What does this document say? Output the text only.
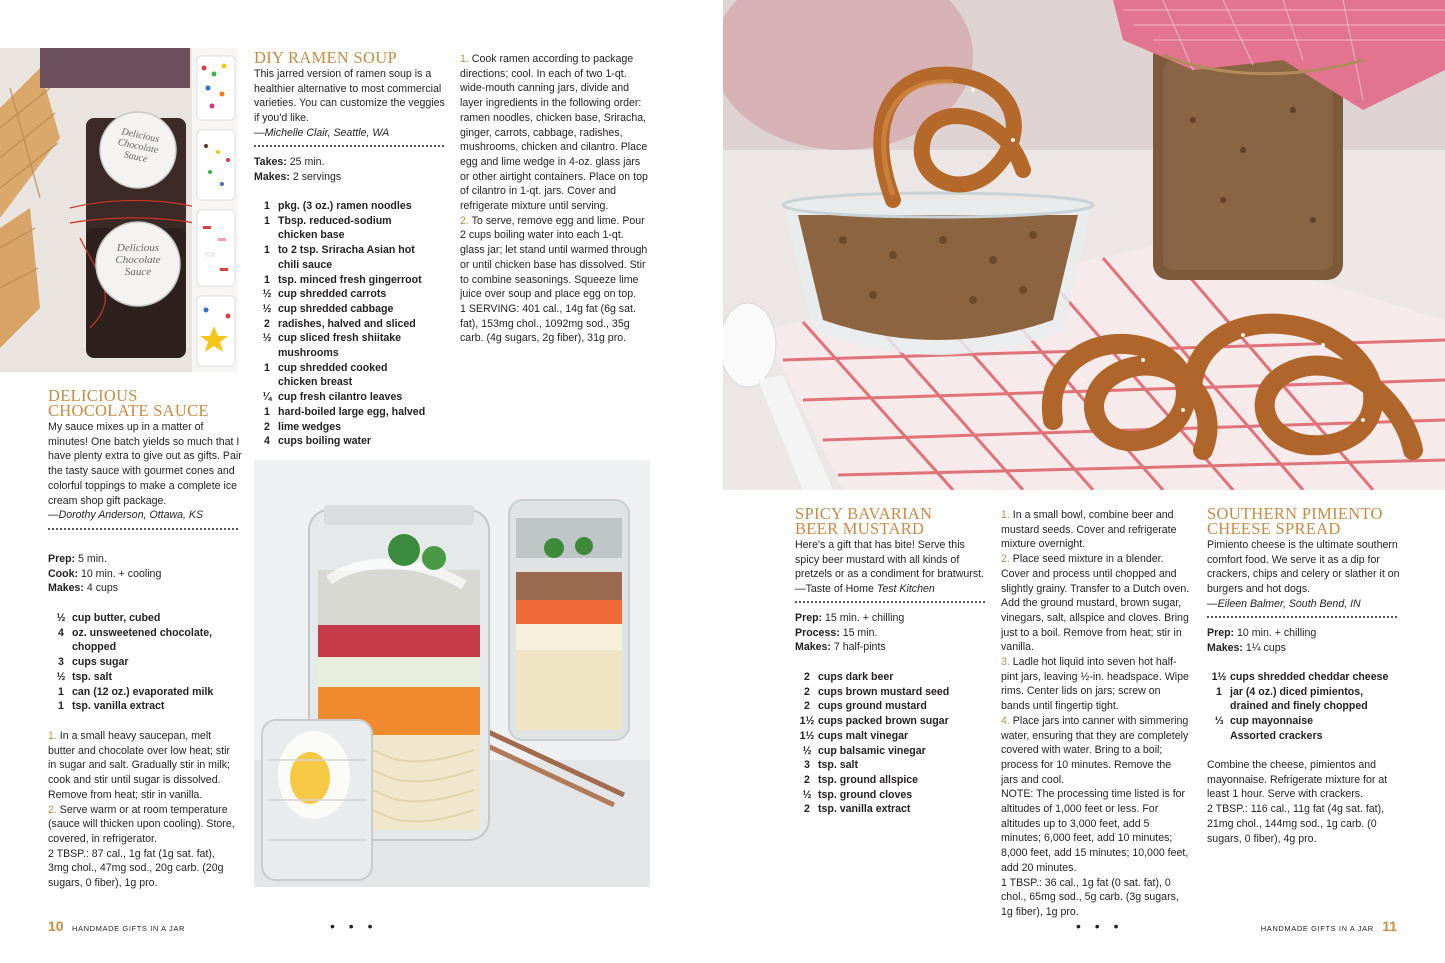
Delicious Chocolate Sauce
Delicious Chocolate Sauce
DELICIOUS
CHOCOLATE SAUCE
My sauce mixes up in a matter of minutes! One batch yields so much that I have plenty extra to give out as gifts. Pair the tasty sauce with gourmet cones and colorful toppings to make a complete ice cream shop gift package.
—Dorothy Anderson, Ottawa, KS
Prep: 5 min.
Cook: 10 min. + cooling
Makes: 4 cups
½ cup butter, cubed
4 oz. unsweetened chocolate, chopped
3 cups sugar
½ tsp. salt
1 can (12 oz.) evaporated milk
1 tsp. vanilla extract

1. In a small heavy saucepan, melt butter and chocolate over low heat; stir in sugar and salt. Gradually stir in milk; cook and stir until sugar is dissolved. Remove from heat; stir in vanilla.

2. Serve warm or at room temperature (sauce will thicken upon cooling). Store, covered, in refrigerator.

2 TBSP.: 87 cal., 1g fat (1g sat. fat), 3mg chol., 47mg sod., 20g carb. (20g sugars, 0 fiber), 1g pro.

DIY RAMEN SOUP
This jarred version of ramen soup is a healthier alternative to most commercial varieties. You can customize the veggies if you'd like.
—Michelle Clair, Seattle, WA
Takes: 25 min.
Makes: 2 servings
1 pkg. (3 oz.) ramen noodles
1 Tbsp. reduced-sodium chicken base
1 to 2 tsp. Sriracha Asian hot chili sauce
1 tsp. minced fresh gingerroot
½ cup shredded carrots
½ cup shredded cabbage
2 radishes, halved and sliced
½ cup sliced fresh shiitake mushrooms
1 cup shredded cooked chicken breast
¼ cup fresh cilantro leaves
1 hard-boiled large egg, halved
2 lime wedges
4 cups boiling water

1. Cook ramen according to package directions; cool. In each of two 1-qt. wide-mouth canning jars, divide and layer ingredients in the following order: ramen noodles, chicken base, Sriracha, ginger, carrots, cabbage, radishes, mushrooms, chicken and cilantro. Place egg and lime wedge in 4-oz. glass jars or other airtight containers. Place on top of cilantro in 1-qt. jars. Cover and refrigerate mixture until serving.

2. To serve, remove egg and lime. Pour 2 cups boiling water into each 1-qt. glass jar; let stand until warmed through or until chicken base has dissolved. Stir to combine seasonings. Squeeze lime juice over soup and place egg on top.

1 SERVING: 401 cal., 14g fat (6g sat. fat), 153mg chol., 1092mg sod., 35g carb. (4g sugars, 2g fiber), 31g pro.

SPICY BAVARIAN
BEER MUSTARD
Here's a gift that has bite! Serve this spicy beer mustard with all kinds of pretzels or as a condiment for bratwurst.
—Taste of Home Test Kitchen
Prep: 15 min. + chilling
Process: 15 min.
Makes: 7 half-pints
2 cups dark beer
2 cups brown mustard seed
2 cups ground mustard
1½ cups packed brown sugar
1½ cups malt vinegar
½ cup balsamic vinegar
3 tsp. salt
2 tsp. ground allspice
½ tsp. ground cloves
2 tsp. vanilla extract

1. In a small bowl, combine beer and mustard seeds. Cover and refrigerate mixture overnight.

2. Place seed mixture in a blender. Cover and process until chopped and slightly grainy. Transfer to a Dutch oven. Add the ground mustard, brown sugar, vinegars, salt, allspice and cloves. Bring just to a boil. Remove from heat; stir in vanilla.

3. Ladle hot liquid into seven hot half-pint jars, leaving ½-in. headspace. Wipe rims. Center lids on jars; screw on bands until fingertip tight.

4. Place jars into canner with simmering water, ensuring that they are completely covered with water. Bring to a boil; process for 10 minutes. Remove the jars and cool.

NOTE: The processing time listed is for altitudes of 1,000 feet or less. For altitudes up to 3,000 feet, add 5 minutes; 6,000 feet, add 10 minutes; 8,000 feet, add 15 minutes; 10,000 feet, add 20 minutes.

1 TBSP.: 36 cal., 1g fat (0 sat. fat), 0 chol., 65mg sod., 5g carb. (3g sugars, 1g fiber), 1g pro.

SOUTHERN PIMIENTO
CHEESE SPREAD
Pimiento cheese is the ultimate southern comfort food. We serve it as a dip for crackers, chips and celery or slather it on burgers and hot dogs.
—Eileen Balmer, South Bend, IN
Prep: 10 min. + chilling
Makes: 1¼ cups
1½ cups shredded cheddar cheese
1 jar (4 oz.) diced pimientos, drained and finely chopped
⅓ cup mayonnaise
Assorted crackers

Combine the cheese, pimientos and mayonnaise. Refrigerate mixture for at least 1 hour. Serve with crackers.

2 TBSP.: 116 cal., 11g fat (4g sat. fat), 21mg chol., 144mg sod., 1g carb. (0 sugars, 0 fiber), 4g pro.

10 HANDMADE GIFTS IN A JAR	• • •	• • •	HANDMADE GIFTS IN A JAR 11
